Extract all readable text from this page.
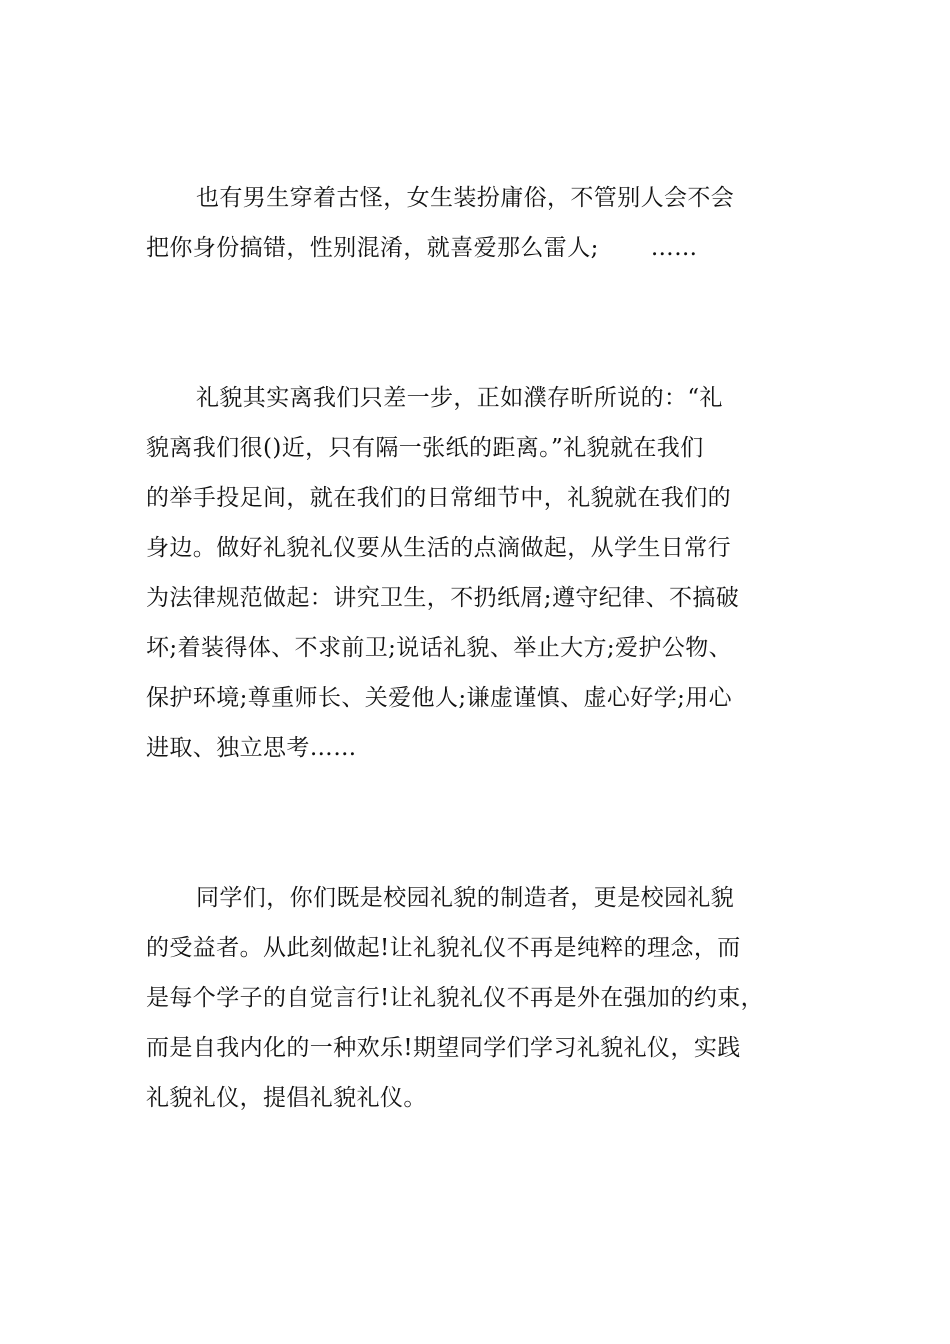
也有男生穿着古怪，女生装扮庸俗，不管别人会不会
把你身份搞错，性别混淆，就喜爱那么雷人; ……
礼貌其实离我们只差一步，正如濮存昕所说的：“礼
貌离我们很()近，只有隔一张纸的距离。”礼貌就在我们
的举手投足间，就在我们的日常细节中，礼貌就在我们的
身边。做好礼貌礼仪要从生活的点滴做起，从学生日常行
为法律规范做起：讲究卫生，不扔纸屑;遵守纪律、不搞破
坏;着装得体、不求前卫;说话礼貌、举止大方;爱护公物、
保护环境;尊重师长、关爱他人;谦虚谨慎、虚心好学;用心
进取、独立思考……
同学们，你们既是校园礼貌的制造者，更是校园礼貌
的受益者。从此刻做起!让礼貌礼仪不再是纯粹的理念，而
是每个学子的自觉言行!让礼貌礼仪不再是外在强加的约束，
而是自我内化的一种欢乐!期望同学们学习礼貌礼仪，实践
礼貌礼仪，提倡礼貌礼仪。
